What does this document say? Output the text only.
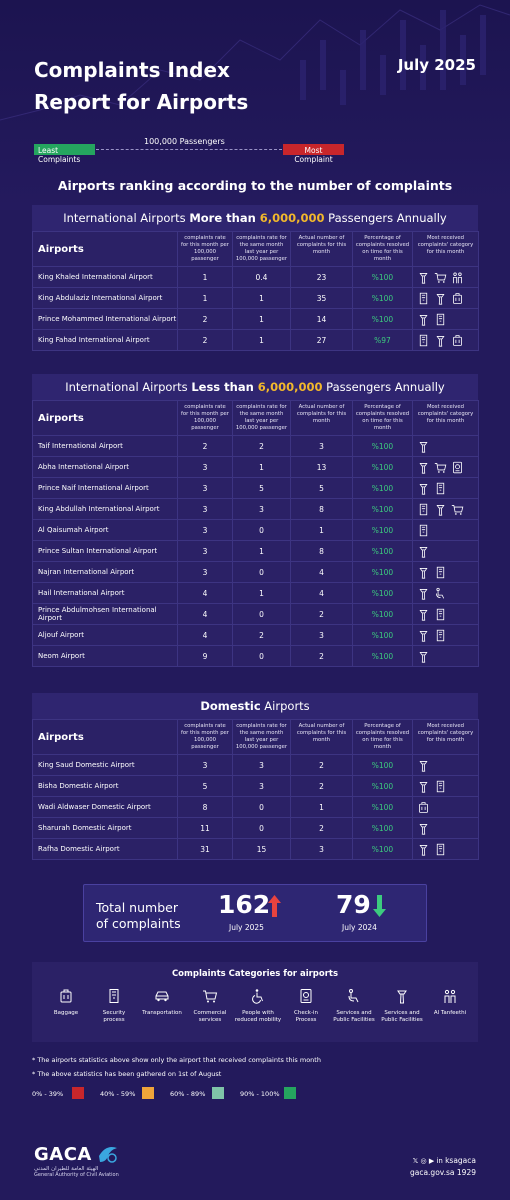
Complaints Index
Report for Airports
July 2025
100,000 Passengers
Least Complaints
Most Complaint
Airports ranking according to the number of complaints
International Airports More than 6,000,000 Passengers Annually
Airports	complaints rate for this month per 100,000 passenger	complaints rate for the same month last year per 100,000 passenger	Actual number of complaints for this month	Percentage of complaints resolved on time for this month	Most received complaints' category for this month
King Khaled International Airport	1	0.4	23	%100	

King Abdulaziz International Airport	1	1	35	%100	

Prince Mohammed International Airport	2	1	14	%100	

King Fahad International Airport	2	1	27	%97	
International Airports Less than 6,000,000 Passengers Annually
Airports	complaints rate for this month per 100,000 passenger	complaints rate for the same month last year per 100,000 passenger	Actual number of complaints for this month	Percentage of complaints resolved on time for this month	Most received complaints' category for this month
Taif International Airport	2	2	3	%100	

Abha International Airport	3	1	13	%100	

Prince Naif International Airport	3	5	5	%100	

King Abdullah International Airport	3	3	8	%100	

Al Qaisumah Airport	3	0	1	%100	

Prince Sultan International Airport	3	1	8	%100	

Najran International Airport	3	0	4	%100	

Hail International Airport	4	1	4	%100	

Prince Abdulmohsen International Airport	4	0	2	%100	

Aljouf Airport	4	2	3	%100	

Neom Airport	9	0	2	%100	
Domestic Airports
Airports	complaints rate for this month per 100,000 passenger	complaints rate for the same month last year per 100,000 passenger	Actual number of complaints for this month	Percentage of complaints resolved on time for this month	Most received complaints' category for this month
King Saud Domestic Airport	3	3	2	%100	

Bisha Domestic Airport	5	3	2	%100	

Wadi Aldwaser Domestic Airport	8	0	1	%100	

Sharurah Domestic Airport	11	0	2	%100	

Rafha Domestic Airport	31	15	3	%100	
Total number
of complaints
162
July 2025
79
July 2024
Complaints Categories for airports
Baggage	Security
process
Transportation	Commercial
services
People with
reduced mobility
Check-in
Process
Services and
Public Facilities
Services and
Public Facilities
Al Tanfeethi
* The airports statistics above show only the airport that received complaints this month
* The above statistics has been gathered on 1st of August
0% - 39%	40% - 59%	60% - 89%	90% - 100%
GACA
الهيئة العامة للطيران المدني
General Authority of Civil Aviation
𝕏 ◎ ▶ in ksagaca
gaca.gov.sa 1929
